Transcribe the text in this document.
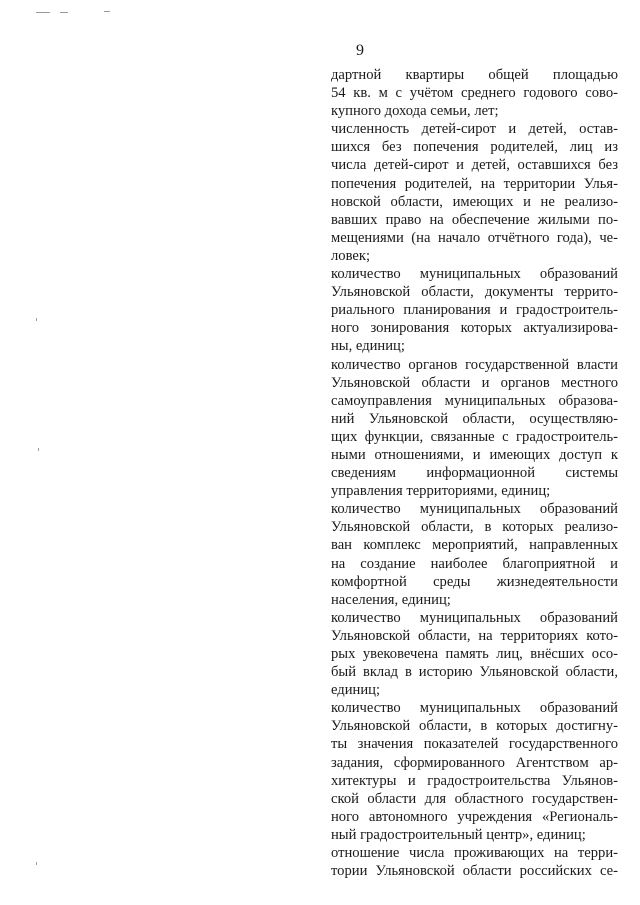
9
дартной квартиры общей площадью
54 кв. м с учётом среднего годового сово-
купного дохода семьи, лет;
численность детей-сирот и детей, остав-
шихся без попечения родителей, лиц из
числа детей-сирот и детей, оставшихся без
попечения родителей, на территории Улья-
новской области, имеющих и не реализо-
вавших право на обеспечение жилыми по-
мещениями (на начало отчётного года), че-
ловек;
количество муниципальных образований
Ульяновской области, документы террито-
риального планирования и градостроитель-
ного зонирования которых актуализирова-
ны, единиц;
количество органов государственной власти
Ульяновской области и органов местного
самоуправления муниципальных образова-
ний Ульяновской области, осуществляю-
щих функции, связанные с градостроитель-
ными отношениями, и имеющих доступ к
сведениям информационной системы
управления территориями, единиц;
количество муниципальных образований
Ульяновской области, в которых реализо-
ван комплекс мероприятий, направленных
на создание наиболее благоприятной и
комфортной среды жизнедеятельности
населения, единиц;
количество муниципальных образований
Ульяновской области, на территориях кото-
рых увековечена память лиц, внёсших осо-
бый вклад в историю Ульяновской области,
единиц;
количество муниципальных образований
Ульяновской области, в которых достигну-
ты значения показателей государственного
задания, сформированного Агентством ар-
хитектуры и градостроительства Ульянов-
ской области для областного государствен-
ного автономного учреждения «Региональ-
ный градостроительный центр», единиц;
отношение числа проживающих на терри-
тории Ульяновской области российских се-
